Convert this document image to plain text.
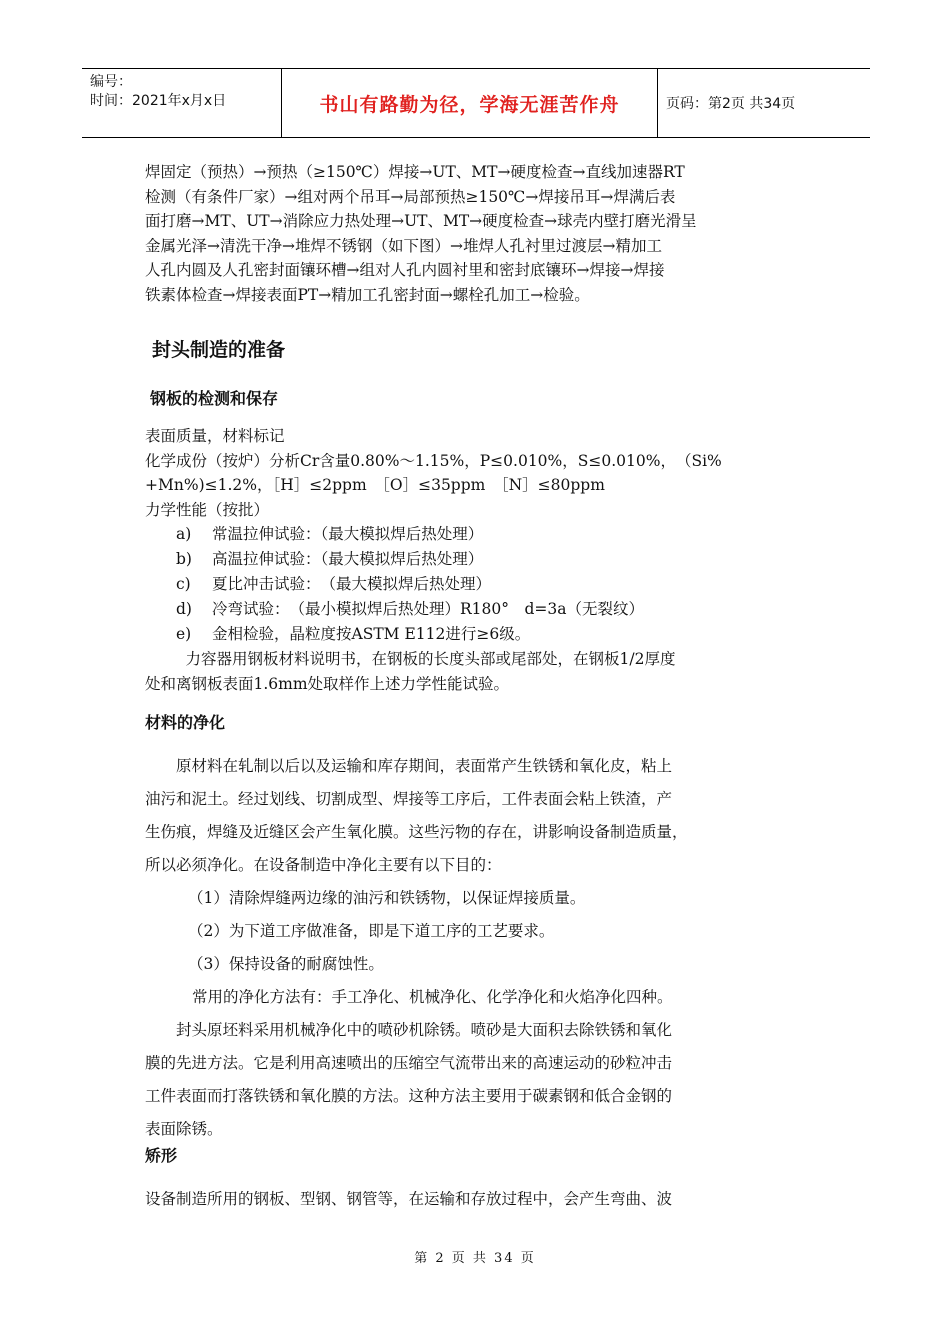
编号：
时间：2021年x月x日	书山有路勤为径，学海无涯苦作舟	页码：第2页 共34页
焊固定（预热）→预热（≥150℃）焊接→UT、MT→硬度检查→直线加速器RT
检测（有条件厂家）→组对两个吊耳→局部预热≥150℃→焊接吊耳→焊满后表
面打磨→MT、UT→消除应力热处理→UT、MT→硬度检查→球壳内壁打磨光滑呈
金属光泽→清洗干净→堆焊不锈钢（如下图）→堆焊人孔衬里过渡层→精加工
人孔内圆及人孔密封面镶环槽→组对人孔内圆衬里和密封底镶环→焊接→焊接
铁素体检查→焊接表面PT→精加工孔密封面→螺栓孔加工→检验。
封头制造的准备
钢板的检测和保存
表面质量，材料标记
化学成份（按炉）分析Cr含量0.80%～1.15%，P≤0.010%，S≤0.010%，　（Si%
+Mn%)≤1.2%，［H］≤2ppm　［O］≤35ppm　［N］≤80ppm
力学性能（按批）
a) 常温拉伸试验：（最大模拟焊后热处理）
b) 高温拉伸试验：（最大模拟焊后热处理）
c) 夏比冲击试验：　（最大模拟焊后热处理）
d) 冷弯试验：　（最小模拟焊后热处理）R180°　d=3a（无裂纹）
e) 金相检验，晶粒度按ASTM E112进行≥6级。
　力容器用钢板材料说明书，在钢板的长度头部或尾部处，在钢板1/2厚度
处和离钢板表面1.6mm处取样作上述力学性能试验。
材料的净化
　　原材料在轧制以后以及运输和库存期间，表面常产生铁锈和氧化皮，粘上
油污和泥土。经过划线、切割成型、焊接等工序后，工件表面会粘上铁渣，产
生伤痕，焊缝及近缝区会产生氧化膜。这些污物的存在，讲影响设备制造质量，
所以必须净化。在设备制造中净化主要有以下目的：
（1）清除焊缝两边缘的油污和铁锈物，以保证焊接质量。
（2）为下道工序做准备，即是下道工序的工艺要求。
（3）保持设备的耐腐蚀性。
常用的净化方法有：手工净化、机械净化、化学净化和火焰净化四种。
　　封头原坯料采用机械净化中的喷砂机除锈。喷砂是大面积去除铁锈和氧化
膜的先进方法。它是利用高速喷出的压缩空气流带出来的高速运动的砂粒冲击
工件表面而打落铁锈和氧化膜的方法。这种方法主要用于碳素钢和低合金钢的
表面除锈。
矫形
设备制造所用的钢板、型钢、钢管等，在运输和存放过程中，会产生弯曲、波
第 2 页 共 34 页
